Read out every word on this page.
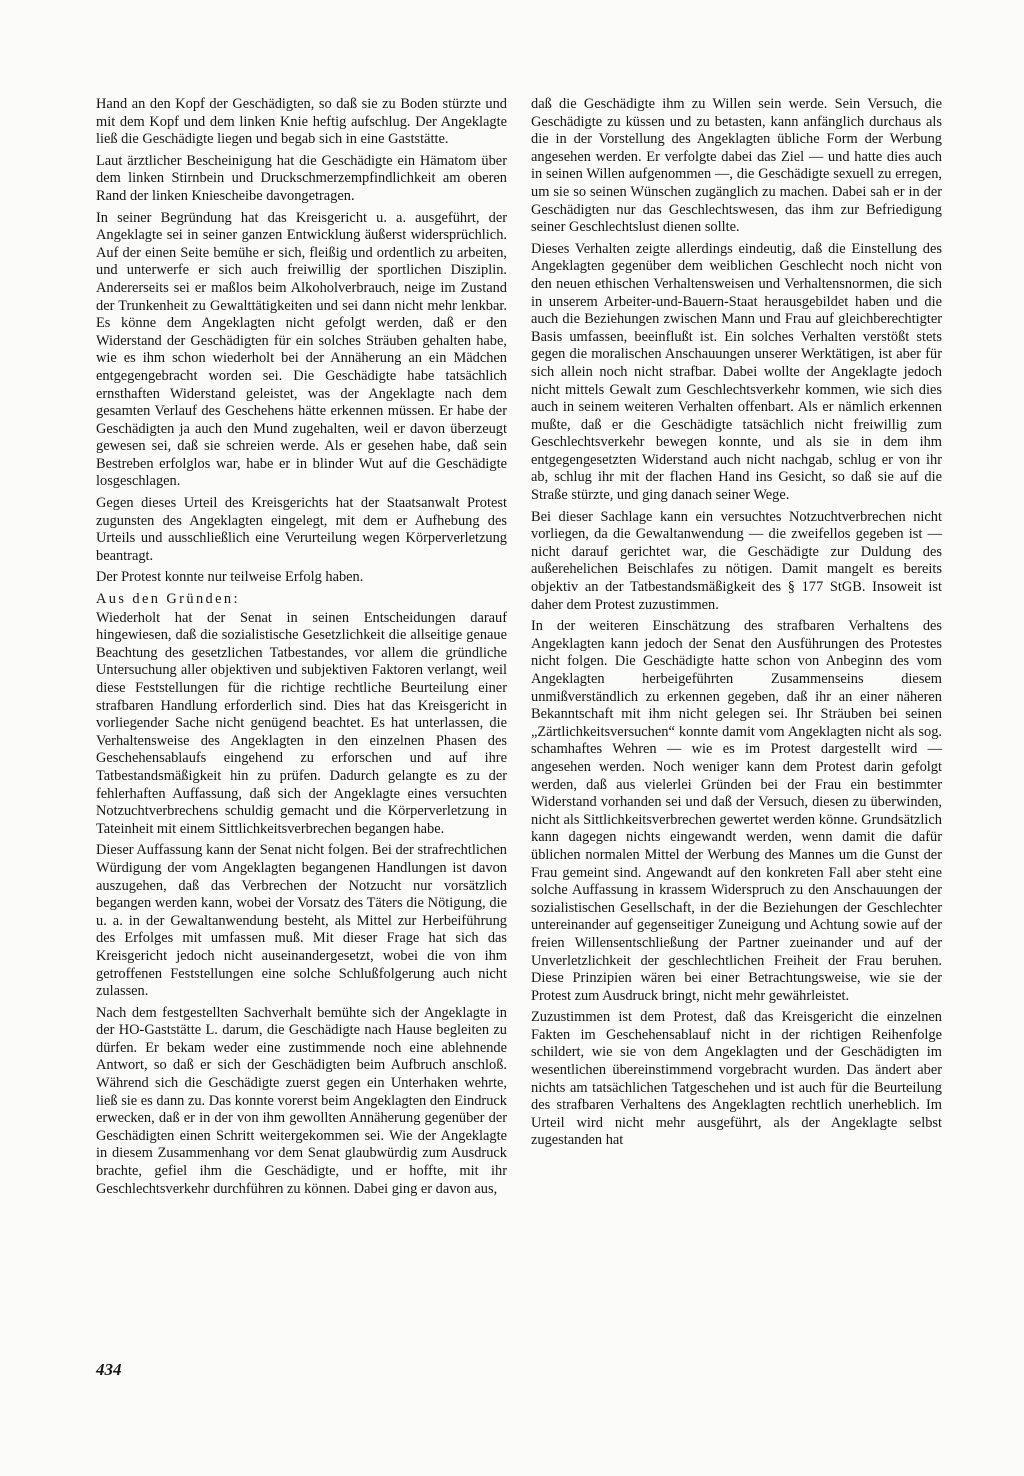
Hand an den Kopf der Geschädigten, so daß sie zu Boden stürzte und mit dem Kopf und dem linken Knie heftig aufschlug. Der Angeklagte ließ die Geschädigte liegen und begab sich in eine Gaststätte.

Laut ärztlicher Bescheinigung hat die Geschädigte ein Hämatom über dem linken Stirnbein und Druckschmerzempfindlichkeit am oberen Rand der linken Kniescheibe davongetragen.

In seiner Begründung hat das Kreisgericht u. a. ausgeführt, der Angeklagte sei in seiner ganzen Entwicklung äußerst widersprüchlich. Auf der einen Seite bemühe er sich, fleißig und ordentlich zu arbeiten, und unterwerfe er sich auch freiwillig der sportlichen Disziplin. Andererseits sei er maßlos beim Alkoholverbrauch, neige im Zustand der Trunkenheit zu Gewalttätigkeiten und sei dann nicht mehr lenkbar. Es könne dem Angeklagten nicht gefolgt werden, daß er den Widerstand der Geschädigten für ein solches Sträuben gehalten habe, wie es ihm schon wiederholt bei der Annäherung an ein Mädchen entgegengebracht worden sei. Die Geschädigte habe tatsächlich ernsthaften Widerstand geleistet, was der Angeklagte nach dem gesamten Verlauf des Geschehens hätte erkennen müssen. Er habe der Geschädigten ja auch den Mund zugehalten, weil er davon überzeugt gewesen sei, daß sie schreien werde. Als er gesehen habe, daß sein Bestreben erfolglos war, habe er in blinder Wut auf die Geschädigte losgeschlagen.

Gegen dieses Urteil des Kreisgerichts hat der Staatsanwalt Protest zugunsten des Angeklagten eingelegt, mit dem er Aufhebung des Urteils und ausschließlich eine Verurteilung wegen Körperverletzung beantragt.

Der Protest konnte nur teilweise Erfolg haben.

Aus den Gründen:

Wiederholt hat der Senat in seinen Entscheidungen darauf hingewiesen, daß die sozialistische Gesetzlichkeit die allseitige genaue Beachtung des gesetzlichen Tatbestandes, vor allem die gründliche Untersuchung aller objektiven und subjektiven Faktoren verlangt, weil diese Feststellungen für die richtige rechtliche Beurteilung einer strafbaren Handlung erforderlich sind. Dies hat das Kreisgericht in vorliegender Sache nicht genügend beachtet. Es hat unterlassen, die Verhaltensweise des Angeklagten in den einzelnen Phasen des Geschehensablaufs eingehend zu erforschen und auf ihre Tatbestandsmäßigkeit hin zu prüfen. Dadurch gelangte es zu der fehlerhaften Auffassung, daß sich der Angeklagte eines versuchten Notzuchtverbrechens schuldig gemacht und die Körperverletzung in Tateinheit mit einem Sittlichkeitsverbrechen begangen habe.

Dieser Auffassung kann der Senat nicht folgen. Bei der strafrechtlichen Würdigung der vom Angeklagten begangenen Handlungen ist davon auszugehen, daß das Verbrechen der Notzucht nur vorsätzlich begangen werden kann, wobei der Vorsatz des Täters die Nötigung, die u. a. in der Gewaltanwendung besteht, als Mittel zur Herbeiführung des Erfolges mit umfassen muß. Mit dieser Frage hat sich das Kreisgericht jedoch nicht auseinandergesetzt, wobei die von ihm getroffenen Feststellungen eine solche Schlußfolgerung auch nicht zulassen.

Nach dem festgestellten Sachverhalt bemühte sich der Angeklagte in der HO-Gaststätte L. darum, die Geschädigte nach Hause begleiten zu dürfen. Er bekam weder eine zustimmende noch eine ablehnende Antwort, so daß er sich der Geschädigten beim Aufbruch anschloß. Während sich die Geschädigte zuerst gegen ein Unterhaken wehrte, ließ sie es dann zu. Das konnte vorerst beim Angeklagten den Eindruck erwecken, daß er in der von ihm gewollten Annäherung gegenüber der Geschädigten einen Schritt weitergekommen sei. Wie der Angeklagte in diesem Zusammenhang vor dem Senat glaubwürdig zum Ausdruck brachte, gefiel ihm die Geschädigte, und er hoffte, mit ihr Geschlechtsverkehr durchführen zu können. Dabei ging er davon aus,

daß die Geschädigte ihm zu Willen sein werde. Sein Versuch, die Geschädigte zu küssen und zu betasten, kann anfänglich durchaus als die in der Vorstellung des Angeklagten übliche Form der Werbung angesehen werden. Er verfolgte dabei das Ziel — und hatte dies auch in seinen Willen aufgenommen —, die Geschädigte sexuell zu erregen, um sie so seinen Wünschen zugänglich zu machen. Dabei sah er in der Geschädigten nur das Geschlechtswesen, das ihm zur Befriedigung seiner Geschlechtslust dienen sollte.

Dieses Verhalten zeigte allerdings eindeutig, daß die Einstellung des Angeklagten gegenüber dem weiblichen Geschlecht noch nicht von den neuen ethischen Verhaltensweisen und Verhaltensnormen, die sich in unserem Arbeiter-und-Bauern-Staat herausgebildet haben und die auch die Beziehungen zwischen Mann und Frau auf gleichberechtigter Basis umfassen, beeinflußt ist. Ein solches Verhalten verstößt stets gegen die moralischen Anschauungen unserer Werktätigen, ist aber für sich allein noch nicht strafbar. Dabei wollte der Angeklagte jedoch nicht mittels Gewalt zum Geschlechtsverkehr kommen, wie sich dies auch in seinem weiteren Verhalten offenbart. Als er nämlich erkennen mußte, daß er die Geschädigte tatsächlich nicht freiwillig zum Geschlechtsverkehr bewegen konnte, und als sie in dem ihm entgegengesetzten Widerstand auch nicht nachgab, schlug er von ihr ab, schlug ihr mit der flachen Hand ins Gesicht, so daß sie auf die Straße stürzte, und ging danach seiner Wege.

Bei dieser Sachlage kann ein versuchtes Notzuchtverbrechen nicht vorliegen, da die Gewaltanwendung — die zweifellos gegeben ist — nicht darauf gerichtet war, die Geschädigte zur Duldung des außerehelichen Beischlafes zu nötigen. Damit mangelt es bereits objektiv an der Tatbestandsmäßigkeit des § 177 StGB. Insoweit ist daher dem Protest zuzustimmen.

In der weiteren Einschätzung des strafbaren Verhaltens des Angeklagten kann jedoch der Senat den Ausführungen des Protestes nicht folgen. Die Geschädigte hatte schon von Anbeginn des vom Angeklagten herbeigeführten Zusammenseins diesem unmißverständlich zu erkennen gegeben, daß ihr an einer näheren Bekanntschaft mit ihm nicht gelegen sei. Ihr Sträuben bei seinen „Zärtlichkeitsversuchen“ konnte damit vom Angeklagten nicht als sog. schamhaftes Wehren — wie es im Protest dargestellt wird — angesehen werden. Noch weniger kann dem Protest darin gefolgt werden, daß aus vielerlei Gründen bei der Frau ein bestimmter Widerstand vorhanden sei und daß der Versuch, diesen zu überwinden, nicht als Sittlichkeitsverbrechen gewertet werden könne. Grundsätzlich kann dagegen nichts eingewandt werden, wenn damit die dafür üblichen normalen Mittel der Werbung des Mannes um die Gunst der Frau gemeint sind. Angewandt auf den konkreten Fall aber steht eine solche Auffassung in krassem Widerspruch zu den Anschauungen der sozialistischen Gesellschaft, in der die Beziehungen der Geschlechter untereinander auf gegenseitiger Zuneigung und Achtung sowie auf der freien Willensentschließung der Partner zueinander und auf der Unverletzlichkeit der geschlechtlichen Freiheit der Frau beruhen. Diese Prinzipien wären bei einer Betrachtungsweise, wie sie der Protest zum Ausdruck bringt, nicht mehr gewährleistet.

Zuzustimmen ist dem Protest, daß das Kreisgericht die einzelnen Fakten im Geschehensablauf nicht in der richtigen Reihenfolge schildert, wie sie von dem Angeklagten und der Geschädigten im wesentlichen übereinstimmend vorgebracht wurden. Das ändert aber nichts am tatsächlichen Tatgeschehen und ist auch für die Beurteilung des strafbaren Verhaltens des Angeklagten rechtlich unerheblich. Im Urteil wird nicht mehr ausgeführt, als der Angeklagte selbst zugestanden hat

434
